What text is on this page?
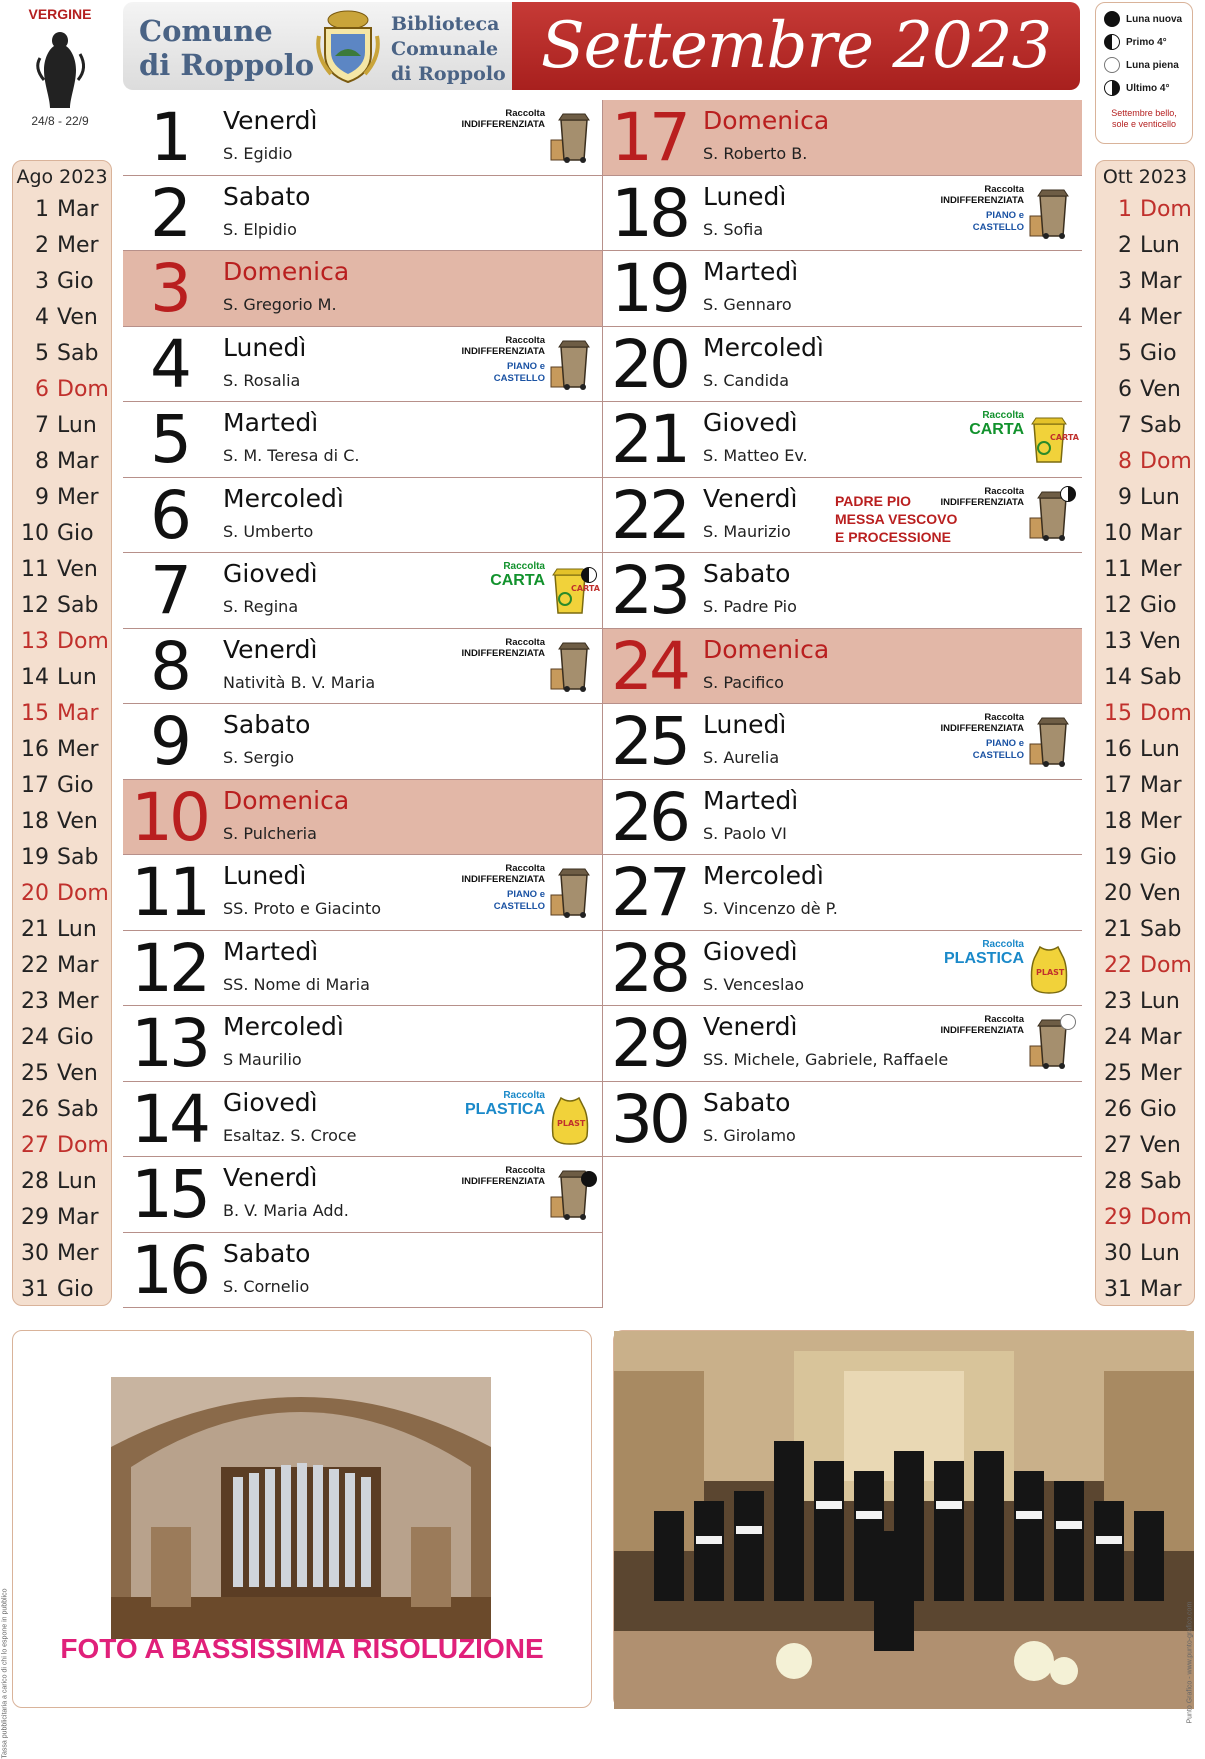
VERGINE
24/8 - 22/9
Comune
di Roppolo
Biblioteca
Comunale
di Roppolo Settembre 2023	Luna nuova
Primo 4°
Luna piena
Ultimo 4°
Settembre bello,
sole e venticello
Ago 2023
1 Mar
2 Mer
3 Gio
4 Ven
5 Sab
6 Dom
7 Lun
8 Mar
9 Mer
10 Gio
11 Ven
12 Sab
13 Dom
14 Lun
15 Mar
16 Mer
17 Gio
18 Ven
19 Sab
20 Dom
21 Lun
22 Mar
23 Mer
24 Gio
25 Ven
26 Sab
27 Dom
28 Lun
29 Mar
30 Mer
31 Gio
Ott 2023
1 Dom
2 Lun
3 Mar
4 Mer
5 Gio
6 Ven
7 Sab
8 Dom
9 Lun
10 Mar
11 Mer
12 Gio
13 Ven
14 Sab
15 Dom
16 Lun
17 Mar
18 Mer
19 Gio
20 Ven
21 Sab
22 Dom
23 Lun
24 Mar
25 Mer
26 Gio
27 Ven
28 Sab
29 Dom
30 Lun
31 Mar
1	Venerdì
S. Egidio
Raccolta
INDIFFERENZIATA
2	Sabato
S. Elpidio
3	Domenica
S. Gregorio M.
4	Lunedì
S. Rosalia
Raccolta
INDIFFERENZIATA
PIANO e CASTELLO
5	Martedì
S. M. Teresa di C.
6	Mercoledì
S. Umberto
7	Giovedì
S. Regina
Raccolta
CARTA	CARTA
8	Venerdì
Natività B. V. Maria
Raccolta
INDIFFERENZIATA
9	Sabato
S. Sergio
10 Domenica
S. Pulcheria
11 Lunedì
SS. Proto e Giacinto
Raccolta
INDIFFERENZIATA
PIANO e CASTELLO
12 Martedì
SS. Nome di Maria
13 Mercoledì
S Maurilio
14 Giovedì
Esaltaz. S. Croce
Raccolta
PLASTICA
PLAST
15 Venerdì
B. V. Maria Add.
Raccolta
INDIFFERENZIATA
16 Sabato
S. Cornelio
17 Domenica
S. Roberto B.
18 Lunedì
S. Sofia
Raccolta
INDIFFERENZIATA
PIANO e CASTELLO
19 Martedì
S. Gennaro
20 Mercoledì
S. Candida
21 Giovedì
S. Matteo Ev.
Raccolta
CARTA	CARTA
22 Venerdì
S. Maurizio
Raccolta
INDIFFERENZIATA
PADRE PIO
MESSA VESCOVO
E PROCESSIONE
23 Sabato
S. Padre Pio
24 Domenica
S. Pacifico
25 Lunedì
S. Aurelia
Raccolta
INDIFFERENZIATA
PIANO e CASTELLO
26 Martedì
S. Paolo VI
27 Mercoledì
S. Vincenzo dè P.
28 Giovedì
S. Venceslao
Raccolta
PLASTICA
PLAST
29 Venerdì
SS. Michele, Gabriele, Raffaele
Raccolta
INDIFFERENZIATA
30 Sabato
S. Girolamo
FOTO A BASSISSIMA RISOLUZIONE
Tassa pubblicitaria a carico di chi lo espone in pubblico	Punto Grafico - www.punto-grafico.com
